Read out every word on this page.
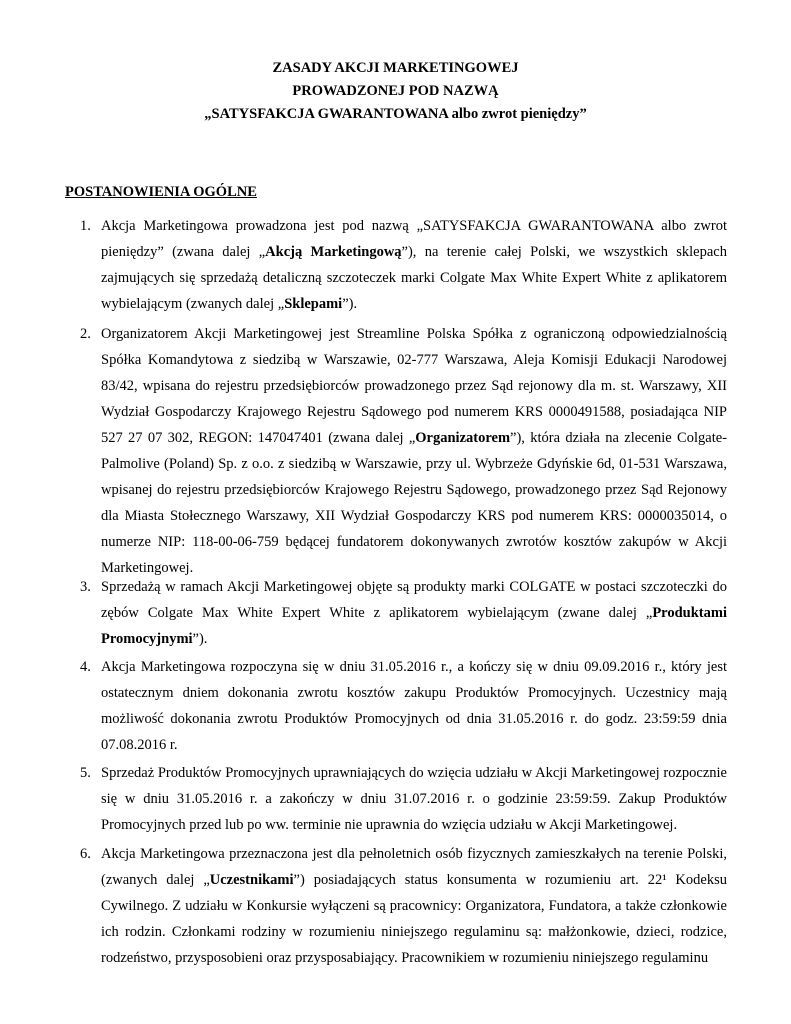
ZASADY AKCJI MARKETINGOWEJ
PROWADZONEJ POD NAZWĄ
„SATYSFAKCJA GWARANTOWANA albo zwrot pieniędzy”
POSTANOWIENIA OGÓLNE
1. Akcja Marketingowa prowadzona jest pod nazwą „SATYSFAKCJA GWARANTOWANA albo zwrot pieniędzy” (zwana dalej „Akcją Marketingową”), na terenie całej Polski, we wszystkich sklepach zajmujących się sprzedażą detaliczną szczoteczek marki Colgate Max White Expert White z aplikatorem wybielającym (zwanych dalej „Sklepami”).

2. Organizatorem Akcji Marketingowej jest Streamline Polska Spółka z ograniczoną odpowiedzialnością Spółka Komandytowa z siedzibą w Warszawie, 02-777 Warszawa, Aleja Komisji Edukacji Narodowej 83/42, wpisana do rejestru przedsiębiorców prowadzonego przez Sąd rejonowy dla m. st. Warszawy, XII Wydział Gospodarczy Krajowego Rejestru Sądowego pod numerem KRS 0000491588, posiadająca NIP 527 27 07 302, REGON: 147047401 (zwana dalej „Organizatorem”), która działa na zlecenie Colgate-Palmolive (Poland) Sp. z o.o. z siedzibą w Warszawie, przy ul. Wybrzeże Gdyńskie 6d, 01-531 Warszawa, wpisanej do rejestru przedsiębiorców Krajowego Rejestru Sądowego, prowadzonego przez Sąd Rejonowy dla Miasta Stołecznego Warszawy, XII Wydział Gospodarczy KRS pod numerem KRS: 0000035014, o numerze NIP: 118-00-06-759 będącej fundatorem dokonywanych zwrotów kosztów zakupów w Akcji Marketingowej.

3. Sprzedażą w ramach Akcji Marketingowej objęte są produkty marki COLGATE w postaci szczoteczki do zębów Colgate Max White Expert White z aplikatorem wybielającym (zwane dalej „Produktami Promocyjnymi”).

4. Akcja Marketingowa rozpoczyna się w dniu 31.05.2016 r., a kończy się w dniu 09.09.2016 r., który jest ostatecznym dniem dokonania zwrotu kosztów zakupu Produktów Promocyjnych. Uczestnicy mają możliwość dokonania zwrotu Produktów Promocyjnych od dnia 31.05.2016 r. do godz. 23:59:59 dnia 07.08.2016 r.

5. Sprzedaż Produktów Promocyjnych uprawniających do wzięcia udziału w Akcji Marketingowej rozpocznie się w dniu 31.05.2016 r. a zakończy w dniu 31.07.2016 r. o godzinie 23:59:59. Zakup Produktów Promocyjnych przed lub po ww. terminie nie uprawnia do wzięcia udziału w Akcji Marketingowej.

6. Akcja Marketingowa przeznaczona jest dla pełnoletnich osób fizycznych zamieszkałych na terenie Polski, (zwanych dalej „Uczestnikami”) posiadających status konsumenta w rozumieniu art. 22¹ Kodeksu Cywilnego. Z udziału w Konkursie wyłączeni są pracownicy: Organizatora, Fundatora, a także członkowie ich rodzin. Członkami rodziny w rozumieniu niniejszego regulaminu są: małżonkowie, dzieci, rodzice, rodzeństwo, przysposobieni oraz przysposabiający. Pracownikiem w rozumieniu niniejszego regulaminu
